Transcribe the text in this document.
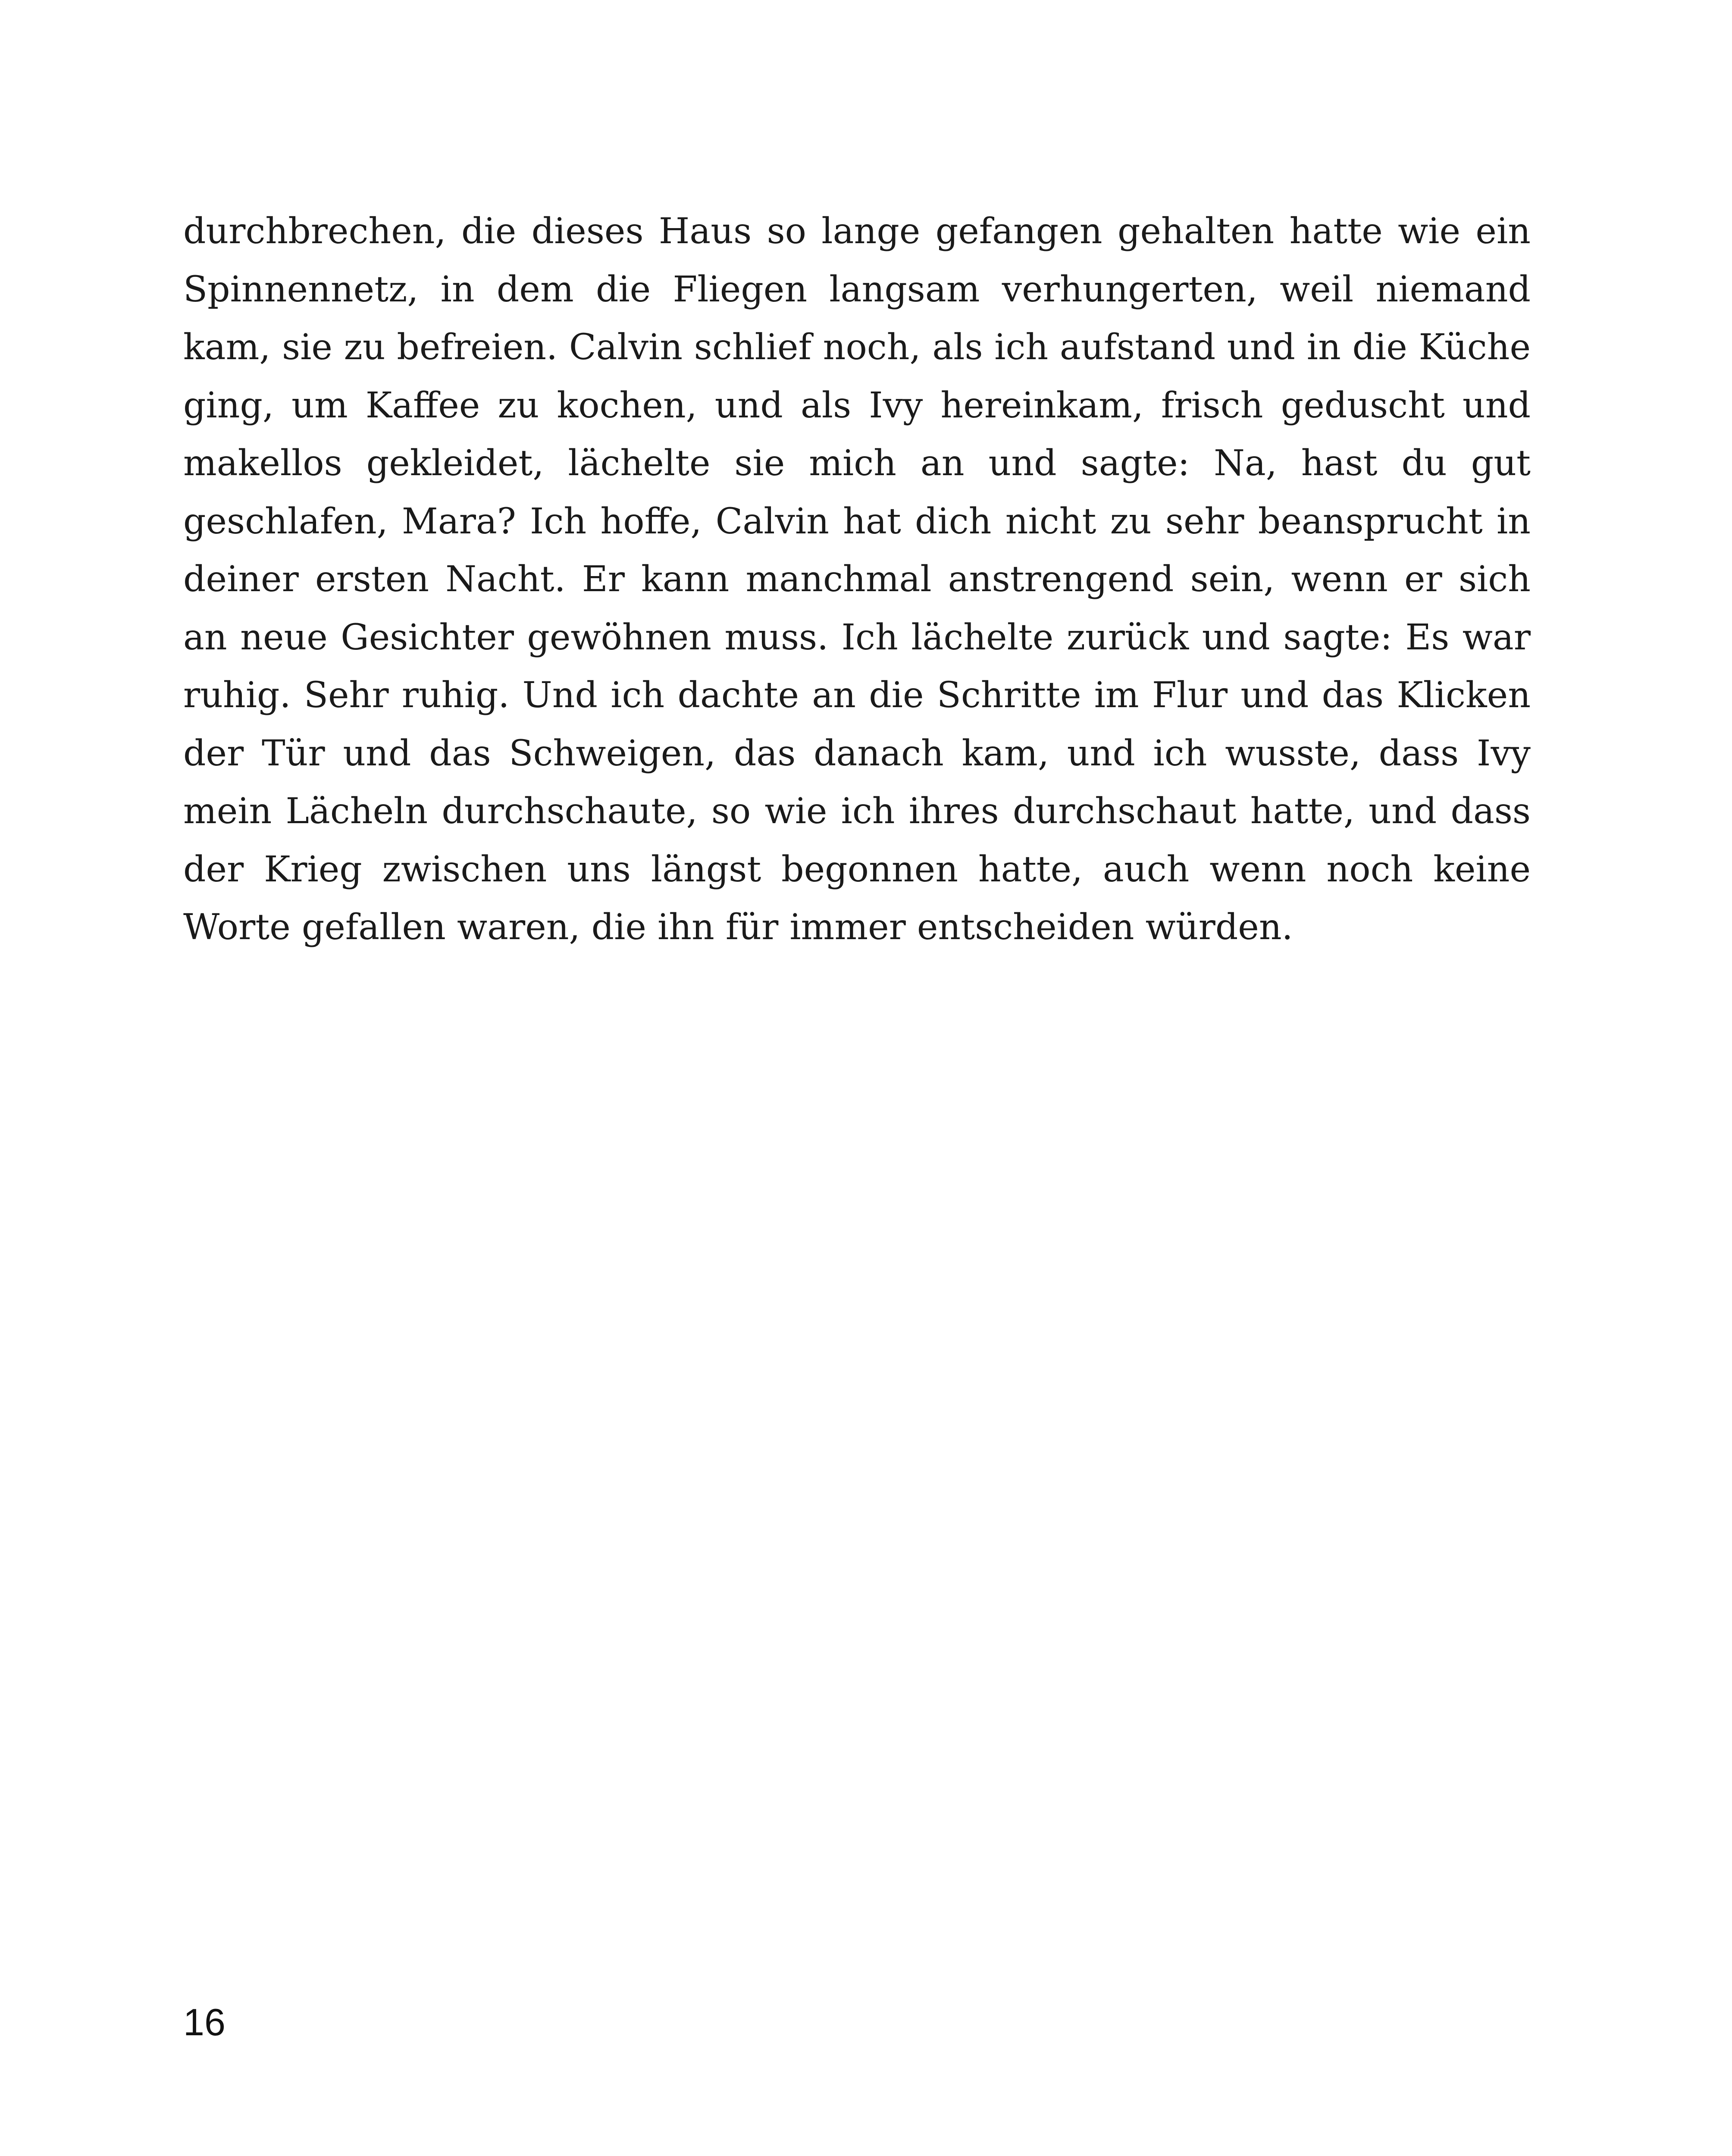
durchbrechen, die dieses Haus so lange gefangen gehalten hatte wie ein Spinnennetz, in dem die Fliegen langsam verhungerten, weil niemand kam, sie zu befreien. Calvin schlief noch, als ich aufstand und in die Küche ging, um Kaffee zu kochen, und als Ivy hereinkam, frisch geduscht und makellos gekleidet, lächelte sie mich an und sagte: Na, hast du gut geschlafen, Mara? Ich hoffe, Calvin hat dich nicht zu sehr beansprucht in deiner ersten Nacht. Er kann manchmal anstrengend sein, wenn er sich an neue Gesichter gewöhnen muss. Ich lächelte zurück und sagte: Es war ruhig. Sehr ruhig. Und ich dachte an die Schritte im Flur und das Klicken der Tür und das Schweigen, das danach kam, und ich wusste, dass Ivy mein Lächeln durchschaute, so wie ich ihres durchschaut hatte, und dass der Krieg zwischen uns längst begonnen hatte, auch wenn noch keine Worte gefallen waren, die ihn für immer entscheiden würden.

16
